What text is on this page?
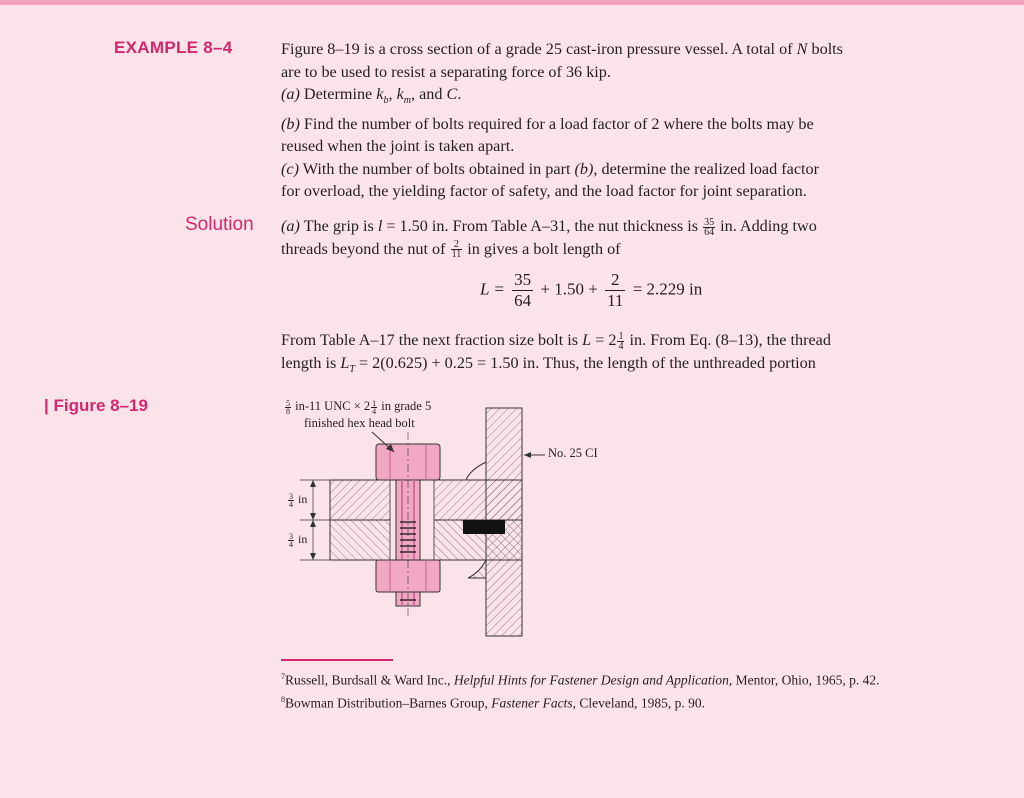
EXAMPLE 8–4
Solution
| Figure 8–19
Figure 8–19 is a cross section of a grade 25 cast-iron pressure vessel. A total of N bolts
are to be used to resist a separating force of 36 kip.
(a) Determine $k_b$, $k_m$, and C.
(b) Find the number of bolts required for a load factor of 2 where the bolts may be
reused when the joint is taken apart.
(c) With the number of bolts obtained in part (b), determine the realized load factor
for overload, the yielding factor of safety, and the load factor for joint separation.
(a) The grip is l = 1.50 in. From Table A–31, the nut thickness is $\frac{35}{64}$ in. Adding two
threads beyond the nut of $\frac{2}{11}$ in gives a bolt length of
$L = \frac{35}{64} + 1.50 + \frac{2}{11} = 2.229$ in
From Table A–17 the next fraction size bolt is $L = 2 \frac{1}{4}$ in. From Eq. (8–13), the thread
length is $L_T = 2(0.625) + 0.25 = 1.50$ in. Thus, the length of the unthreaded portion
$\frac{5}{8} in-11$ UNC × $2 \frac{1}{4}$ in grade 5
finished hex head bolt
No. 25 CI
$\frac{3}{4}$ in
$\frac{3}{4}$ in
$^7$Russell, Burdsall & Ward Inc., Helpful Hints for Fastener Design and Application, Mentor, Ohio, 1965, p. 42.
$^8$Bowman Distribution–Barnes Group, Fastener Facts, Cleveland, 1985, p. 90.
